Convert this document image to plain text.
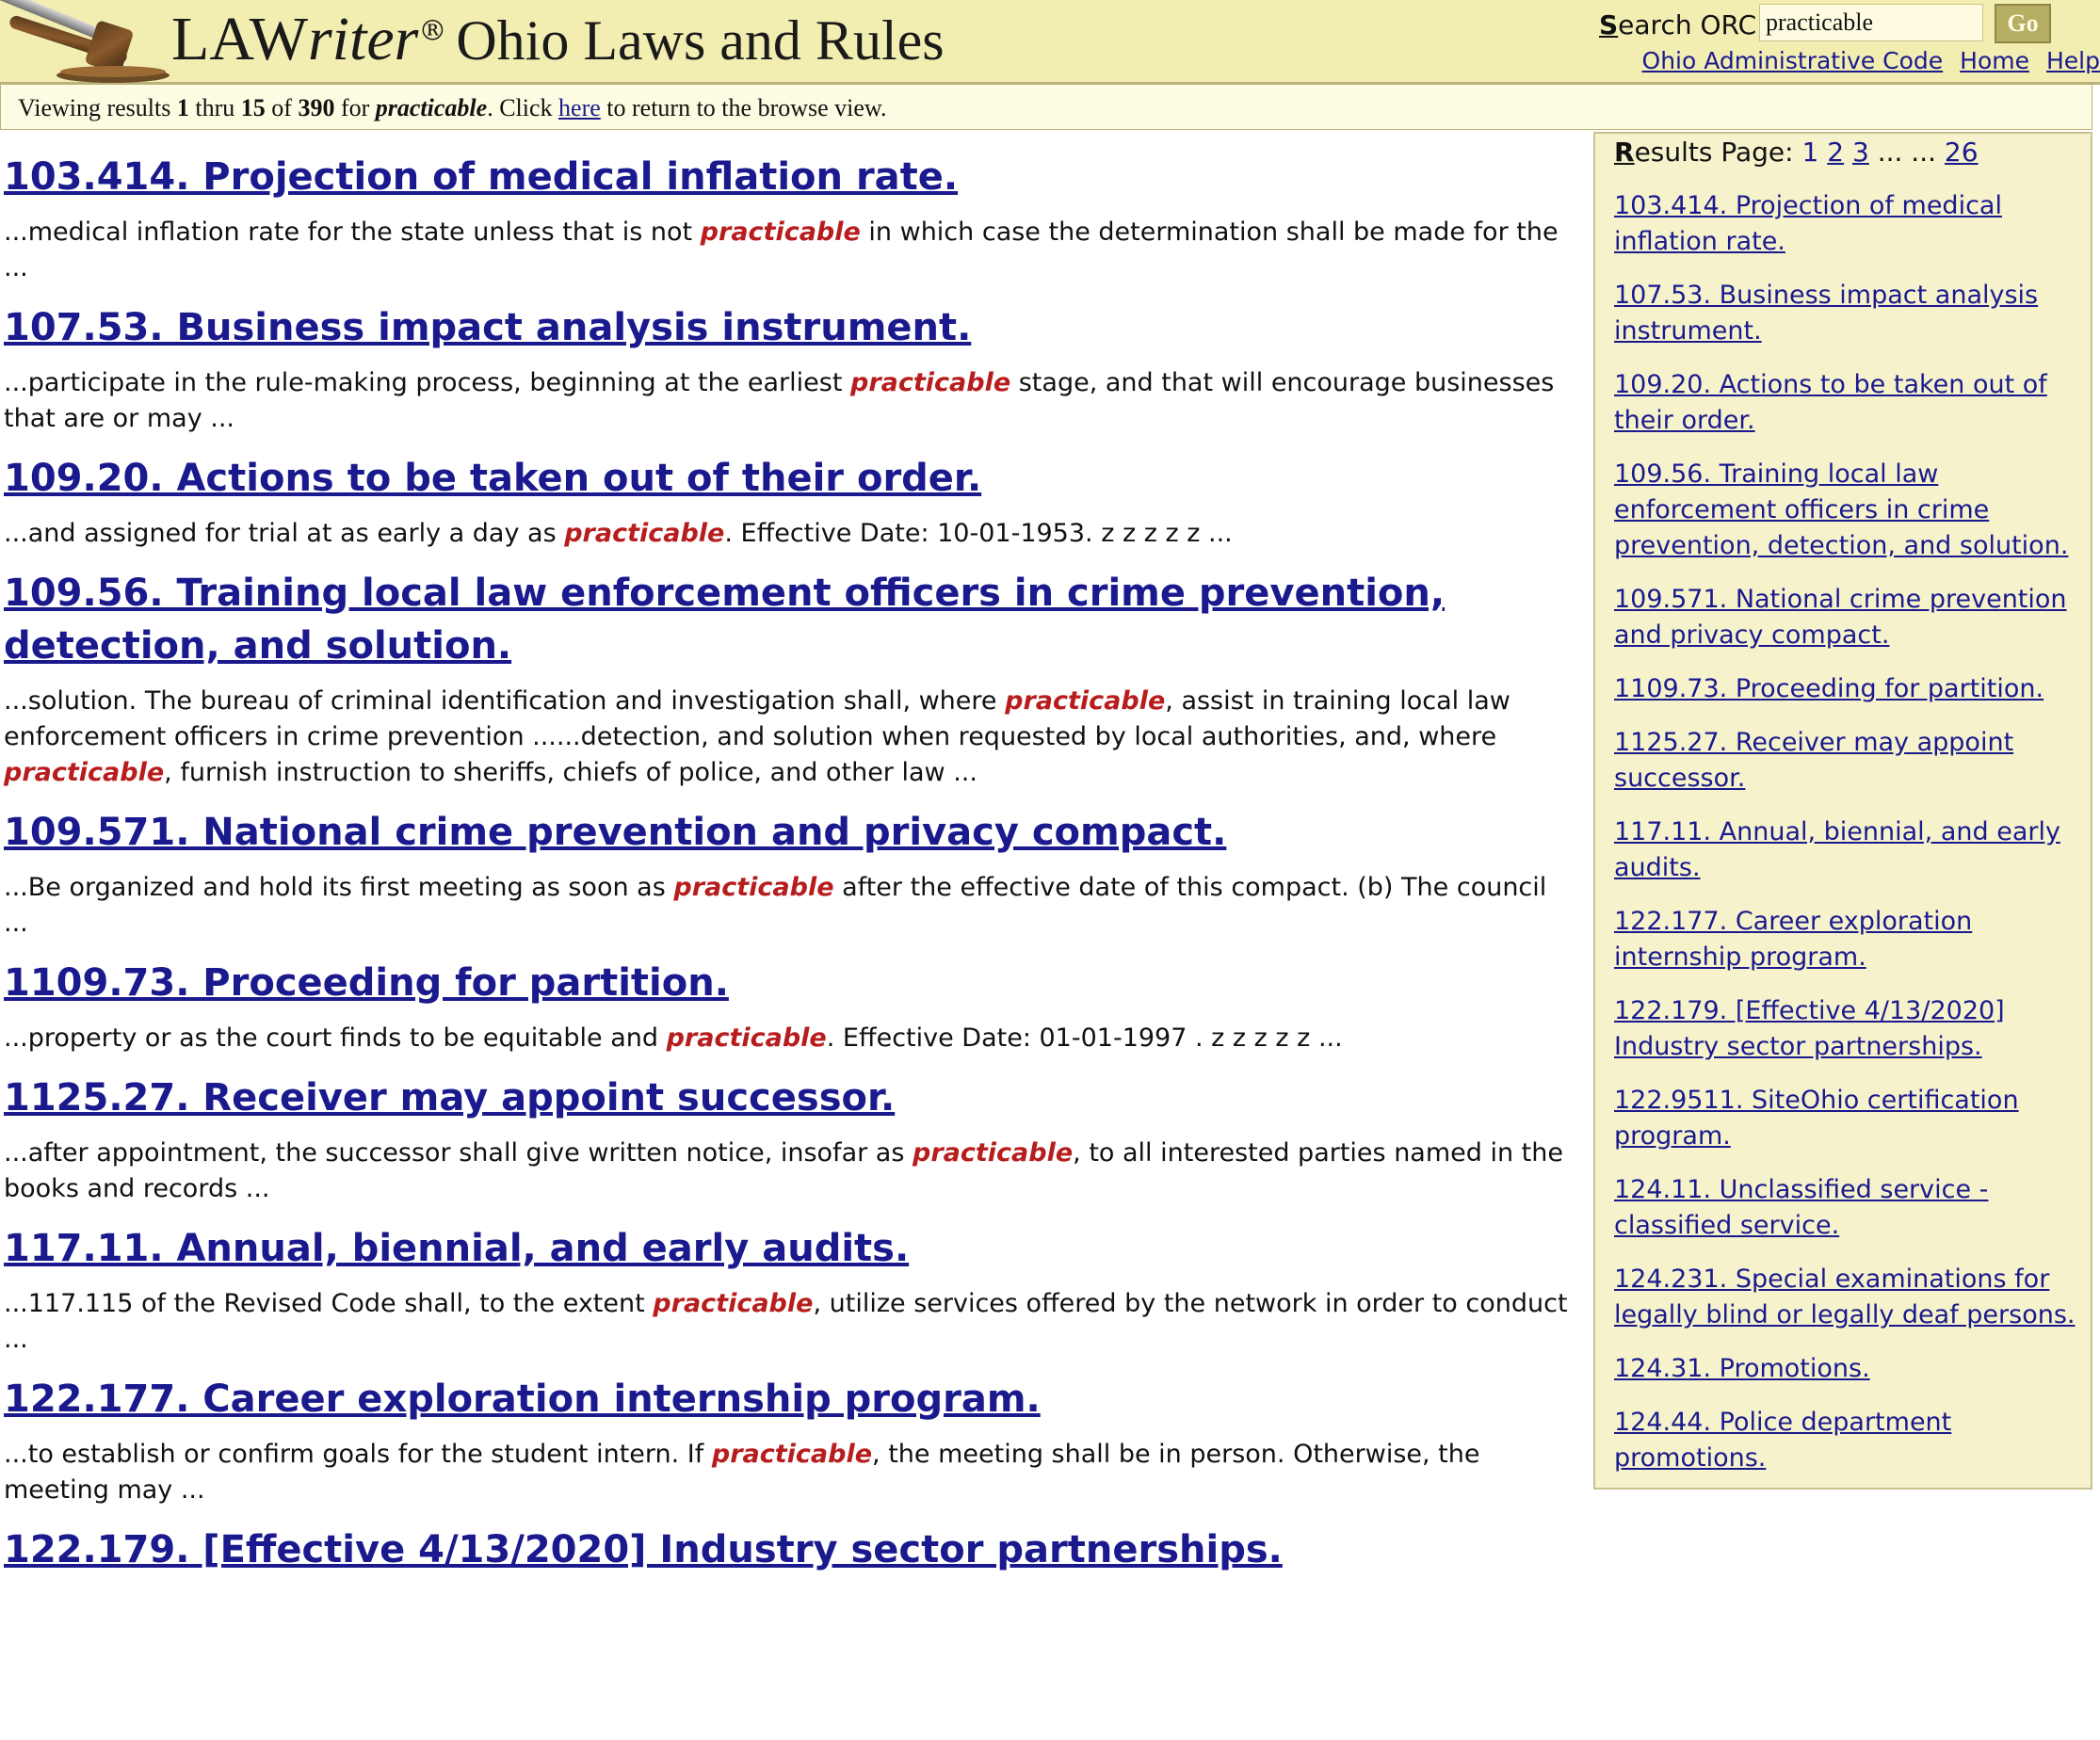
LAWriter® Ohio Laws and Rules	Search ORC
practicable	Go
Ohio Administrative Code Home Help
Viewing results 1 thru 15 of 390 for practicable. Click here to return to the browse view.
103.414. Projection of medical inflation rate.

...medical inflation rate for the state unless that is not practicable in which case the determination shall be made for the ...

107.53. Business impact analysis instrument.

...participate in the rule-making process, beginning at the earliest practicable stage, and that will encourage businesses that are or may ...

109.20. Actions to be taken out of their order.

...and assigned for trial at as early a day as practicable. Effective Date: 10-01-1953. z z z z z ...

109.56. Training local law enforcement officers in crime prevention, detection, and solution.

...solution. The bureau of criminal identification and investigation shall, where practicable, assist in training local law enforcement officers in crime prevention ......detection, and solution when requested by local authorities, and, where practicable, furnish instruction to sheriffs, chiefs of police, and other law ...

109.571. National crime prevention and privacy compact.

...Be organized and hold its first meeting as soon as practicable after the effective date of this compact. (b) The council ...

1109.73. Proceeding for partition.

...property or as the court finds to be equitable and practicable. Effective Date: 01-01-1997 . z z z z z ...

1125.27. Receiver may appoint successor.

...after appointment, the successor shall give written notice, insofar as practicable, to all interested parties named in the books and records ...

117.11. Annual, biennial, and early audits.

...117.115 of the Revised Code shall, to the extent practicable, utilize services offered by the network in order to conduct ...

122.177. Career exploration internship program.

...to establish or confirm goals for the student intern. If practicable, the meeting shall be in person. Otherwise, the meeting may ...

122.179. [Effective 4/13/2020] Industry sector partnerships.

Results Page: 1 2 3 ... ... 26

103.414. Projection of medical inflation rate.
107.53. Business impact analysis instrument.
109.20. Actions to be taken out of their order.
109.56. Training local law enforcement officers in crime prevention, detection, and solution.
109.571. National crime prevention and privacy compact.
1109.73. Proceeding for partition.
1125.27. Receiver may appoint successor.
117.11. Annual, biennial, and early audits.
122.177. Career exploration internship program.
122.179. [Effective 4/13/2020] Industry sector partnerships.
122.9511. SiteOhio certification program.
124.11. Unclassified service - classified service.
124.231. Special examinations for legally blind or legally deaf persons.
124.31. Promotions.
124.44. Police department promotions.
